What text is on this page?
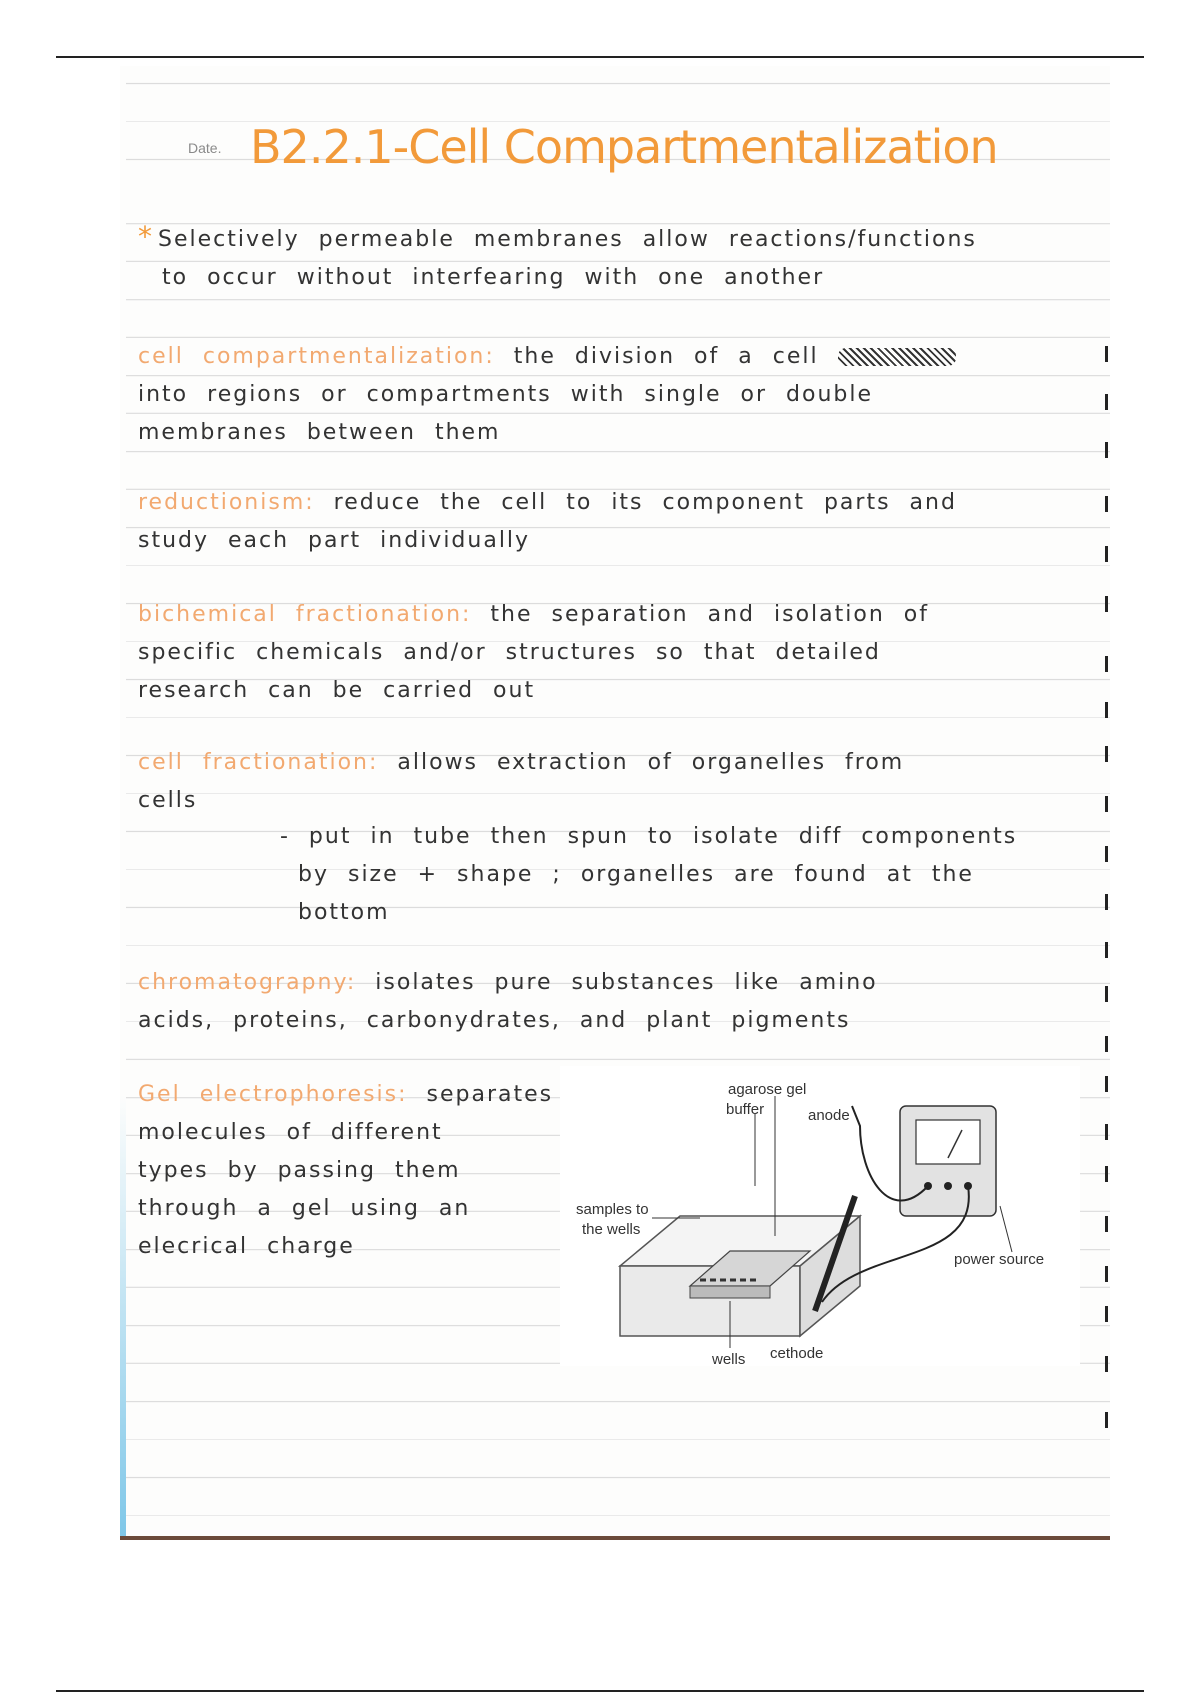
Date. B2.2.1-Cell Compartmentalization
* Selectively permeable membranes allow reactions/functions
to occur without interfearing with one another
cell compartmentalization: the division of a cell
into regions or compartments with single or double
membranes between them
reductionism: reduce the cell to its component parts and
study each part individually
bichemical fractionation: the separation and isolation of
specific chemicals and/or structures so that detailed
research can be carried out
cell fractionation: allows extraction of organelles from
cells
- put in tube then spun to isolate diff components
by size + shape ; organelles are found at the
bottom
chromatograpny: isolates pure substances like amino
acids, proteins, carbonydrates, and plant pigments
Gel electrophoresis: separates
molecules of different
types by passing them
through a gel using an
elecrical charge
agarose gel
buffer	anode
samples to
the wells
power source
wells cethode
